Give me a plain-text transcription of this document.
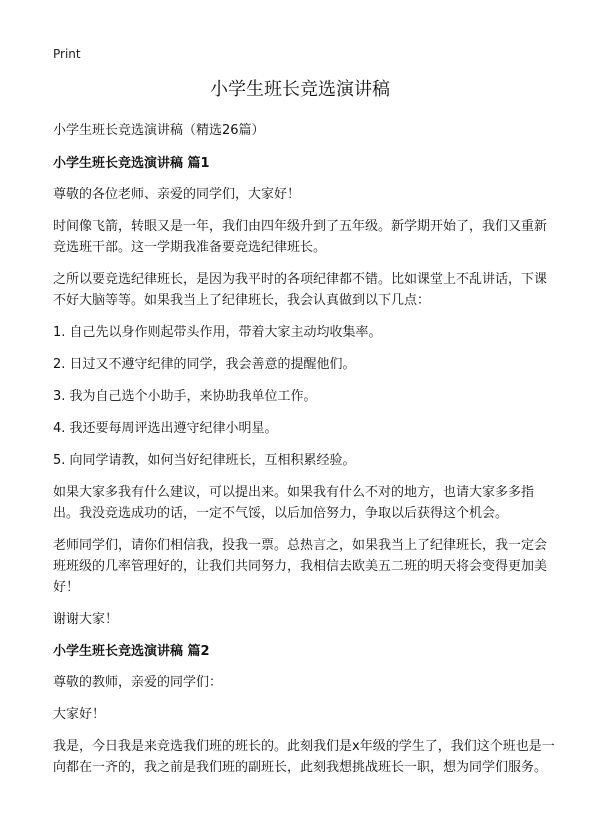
Print
小学生班长竞选演讲稿

小学生班长竞选演讲稿（精选26篇）

小学生班长竞选演讲稿 篇1

尊敬的各位老师、亲爱的同学们，大家好！

时间像飞箭，转眼又是一年，我们由四年级升到了五年级。新学期开始了，我们又重新竞选班干部。这一学期我准备要竞选纪律班长。

之所以要竞选纪律班长，是因为我平时的各项纪律都不错。比如课堂上不乱讲话，下课不好大脑等等。如果我当上了纪律班长，我会认真做到以下几点：

1. 自己先以身作则起带头作用，带着大家主动均收集率。

2. 日过又不遵守纪律的同学，我会善意的提醒他们。

3. 我为自己选个小助手，来协助我单位工作。

4. 我还要每周评选出遵守纪律小明星。

5. 向同学请教，如何当好纪律班长，互相积累经验。

如果大家多我有什么建议，可以提出来。如果我有什么不对的地方，也请大家多多指出。我没竞选成功的话，一定不气馁，以后加倍努力，争取以后获得这个机会。

老师同学们，请你们相信我，投我一票。总热言之，如果我当上了纪律班长，我一定会班班级的几率管理好的，让我们共同努力，我相信去欧美五二班的明天将会变得更加美好！

谢谢大家！

小学生班长竞选演讲稿 篇2

尊敬的教师，亲爱的同学们：

大家好！

我是，今日我是来竞选我们班的班长的。此刻我们是x年级的学生了，我们这个班也是一向都在一齐的，我之前是我们班的副班长，此刻我想挑战班长一职，想为同学们服务。
